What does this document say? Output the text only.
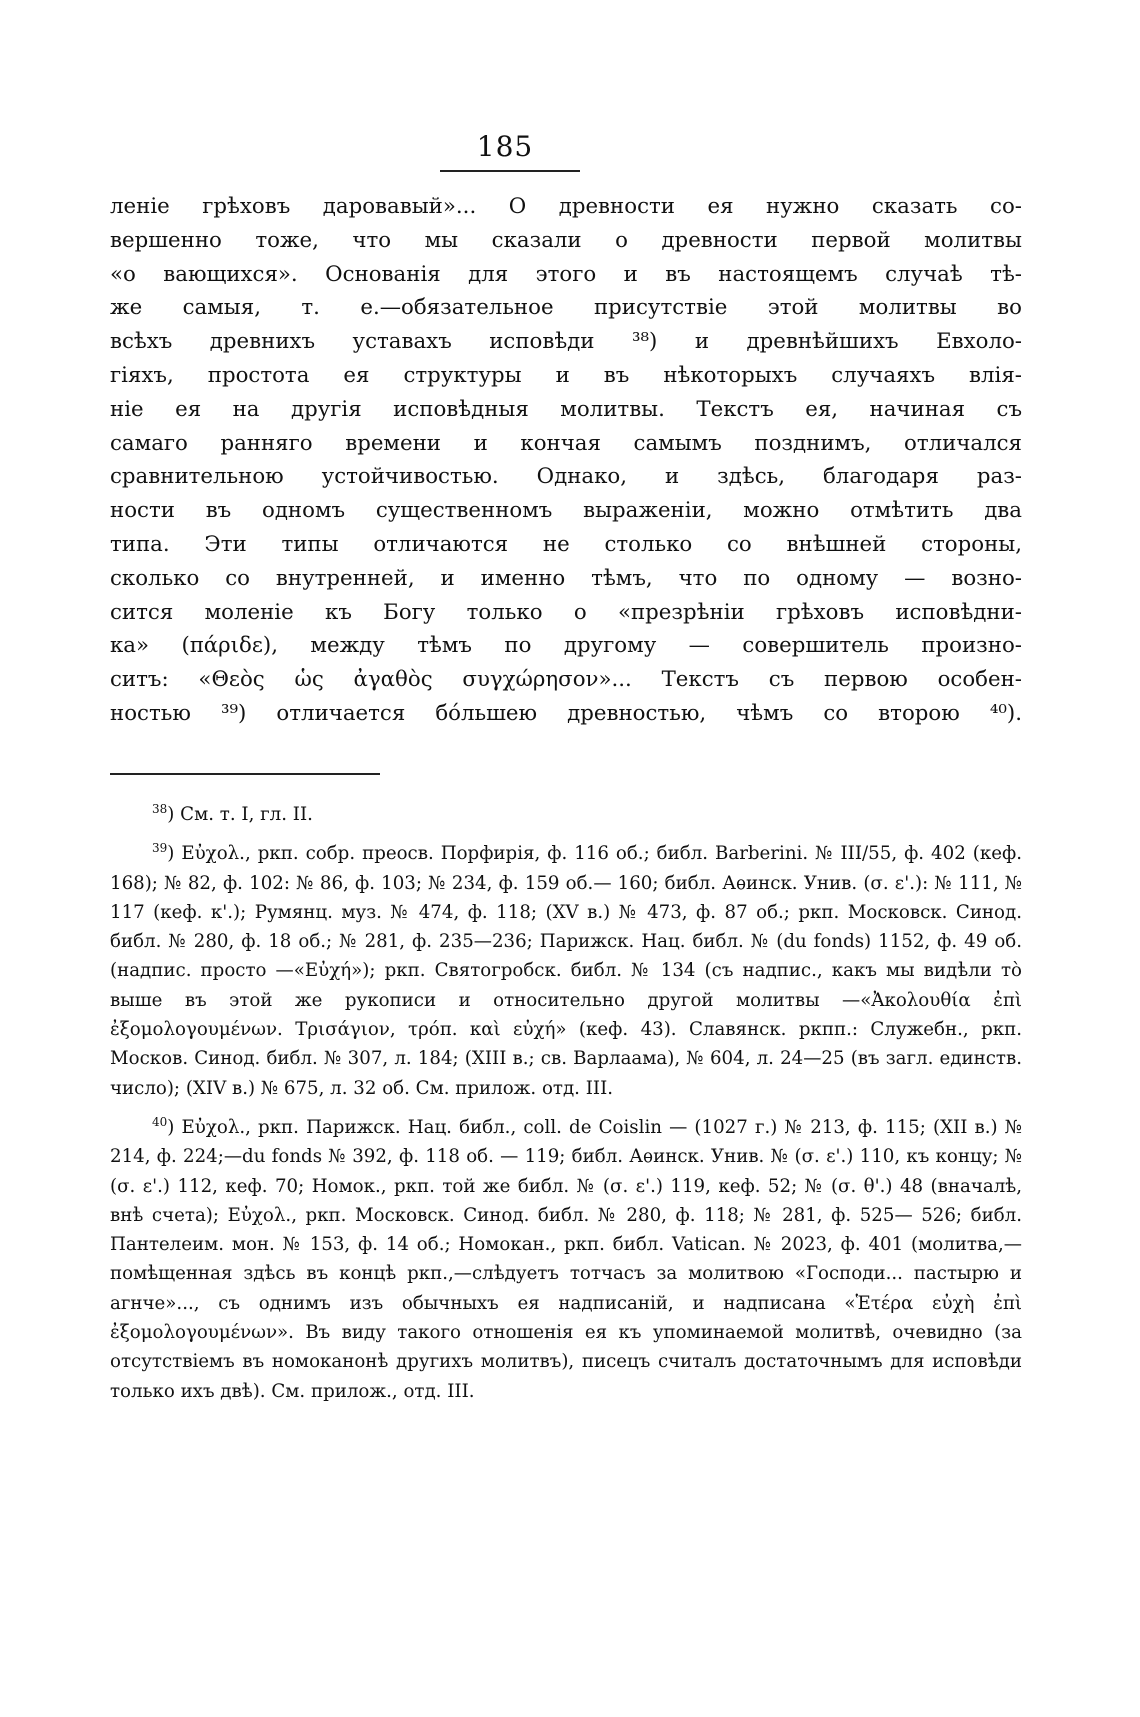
185

ленiе грѣховъ даровавый»... О древности ея нужно сказать со-

вершенно тоже, что мы сказали о древности первой молитвы

«о вающихся». Основанiя для этого и въ настоящемъ случаѣ тѣ-

же самыя, т. е.—обязательное присутствiе этой молитвы во

всѣхъ древнихъ уставахъ исповѣди ³⁸) и древнѣйшихъ Евхоло-

гiяхъ, простота ея структуры и въ нѣкоторыхъ случаяхъ влiя-

нiе ея на другiя исповѣдныя молитвы. Текстъ ея, начиная съ

самаго ранняго времени и кончая самымъ позднимъ, отличался

сравнительною устойчивостью. Однако, и здѣсь, благодаря раз-

ности въ одномъ существенномъ выраженiи, можно отмѣтить два

типа. Эти типы отличаются не столько со внѣшней стороны,

сколько со внутренней, и именно тѣмъ, что по одному — возно-

сится моленiе къ Богу только о «презрѣнiи грѣховъ исповѣдни-

ка» (πάριδε), между тѣмъ по другому — совершитель произно-

ситъ: «Θεὸς ὡς ἀγαθὸς συγχώρησον»... Текстъ съ первою особен-

ностью ³⁹) отличается бóльшею древностью, чѣмъ со второю ⁴⁰).

$^{38}$) См. т. I, гл. II.

$^{39}$) Εὐχολ., ркп. собр. преосв. Порфирiя, ф. 116 об.; библ. Barberini. № III/55, ф. 402 (кеф. 168); № 82, ф. 102: № 86, ф. 103; № 234, ф. 159 об.— 160; библ. Аѳинск. Унив. (σ. ε'.): № 111, № 117 (кеф. κ'.); Румянц. муз. № 474, ф. 118; (XV в.) № 473, ф. 87 об.; ркп. Московск. Синод. библ. № 280, ф. 18 об.; № 281, ф. 235—236; Парижск. Нац. библ. № (du fonds) 1152, ф. 49 об. (надпис. просто —«Εὐχή»); ркп. Святогробск. библ. № 134 (съ надпис., какъ мы видѣли тò выше въ этой же рукописи и относительно другой молитвы —«Ἀκολουθία ἐπὶ ἐξομολογουμένων. Τρισάγιον, τρόπ. καὶ εὐχή» (кеф. 43). Славянск. ркпп.: Служебн., ркп. Москов. Синод. библ. № 307, л. 184; (XIII в.; св. Варлаама), № 604, л. 24—25 (въ загл. единств. число); (XIV в.) № 675, л. 32 об. См. прилож. отд. III.

$^{40}$) Εὐχολ., ркп. Парижск. Нац. библ., coll. de Coislin — (1027 г.) № 213, ф. 115; (XII в.) № 214, ф. 224;—du fonds № 392, ф. 118 об. — 119; библ. Аѳинск. Унив. № (σ. ε'.) 110, къ концу; № (σ. ε'.) 112, кеф. 70; Номок., ркп. той же библ. № (σ. ε'.) 119, кеф. 52; № (σ. θ'.) 48 (вначалѣ, внѣ счета); Εὐχολ., ркп. Московск. Синод. библ. № 280, ф. 118; № 281, ф. 525— 526; библ. Пантелеим. мон. № 153, ф. 14 об.; Номокан., ркп. библ. Vatican. № 2023, ф. 401 (молитва,—помѣщенная здѣсь въ концѣ ркп.,—слѣдуетъ тотчасъ за молитвою «Господи... пастырю и агнче»..., съ однимъ изъ обычныхъ ея надписанiй, и надписана «Ἑτέρα εὐχὴ ἐπὶ ἐξομολογουμένων». Въ виду такого отношенiя ея къ упоминаемой молитвѣ, очевидно (за отсутствiемъ въ номоканонѣ другихъ молитвъ), писецъ считалъ достаточнымъ для исповѣди только ихъ двѣ). См. прилож., отд. III.
